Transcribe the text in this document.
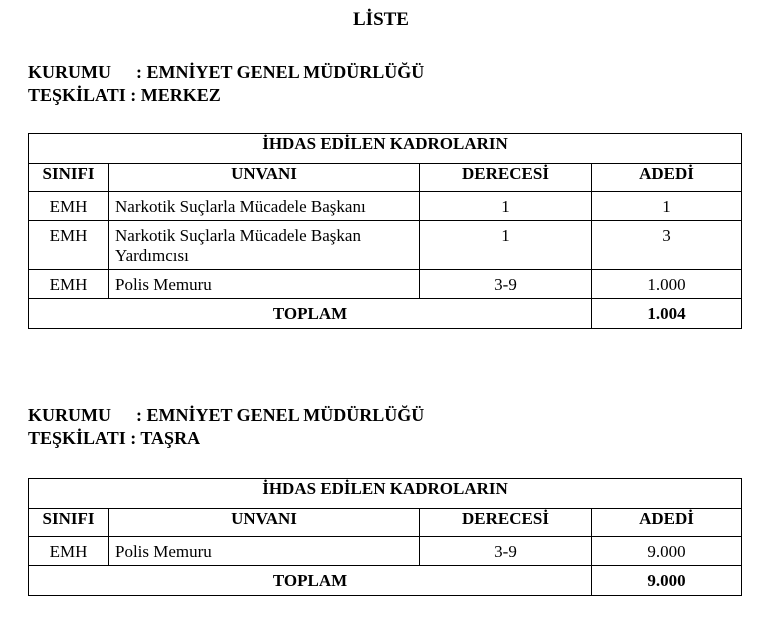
LİSTE
KURUMU : EMNİYET GENEL MÜDÜRLÜĞÜ
TEŞKİLATI : MERKEZ
İHDAS EDİLEN KADROLARIN			
SINIFI	UNVANI	DERECESİ	ADEDİ
EMH	Narkotik Suçlarla Mücadele Başkanı	1	1
EMH	Narkotik Suçlarla Mücadele Başkan Yardımcısı	1	3
EMH	Polis Memuru	3-9	1.000
TOPLAM			1.004
KURUMU : EMNİYET GENEL MÜDÜRLÜĞÜ
TEŞKİLATI : TAŞRA
İHDAS EDİLEN KADROLARIN			
SINIFI	UNVANI	DERECESİ	ADEDİ
EMH	Polis Memuru	3-9	9.000
TOPLAM			9.000
